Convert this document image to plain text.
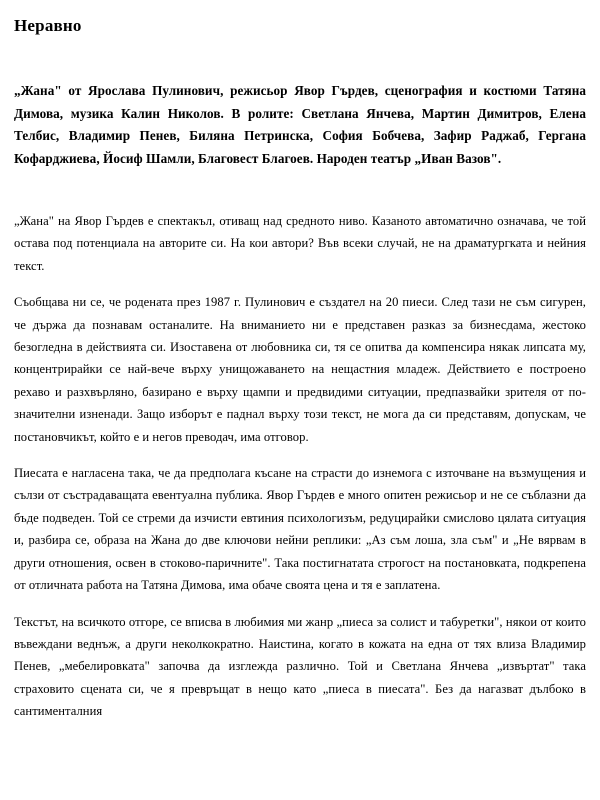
Неравно

„Жана" от Ярослава Пулинович, режисьор Явор Гърдев, сценография и костюми Татяна Димова, музика Калин Николов. В ролите: Светлана Янчева, Мартин Димитров, Елена Телбис, Владимир Пенев, Биляна Петринска, София Бобчева, Зафир Раджаб, Гергана Кофарджиева, Йосиф Шамли, Благовест Благоев. Народен театър „Иван Вазов".

„Жана" на Явор Гърдев е спектакъл, отиващ над средното ниво. Казаното автоматично означава, че той остава под потенциала на авторите си. На кои автори? Във всеки случай, не на драматургката и нейния текст.

Съобщава ни се, че родената през 1987 г. Пулинович е създател на 20 пиеси. След тази не съм сигурен, че държа да познавам останалите. На вниманието ни е представен разказ за бизнесдама, жестоко безогледна в действията си. Изоставена от любовника си, тя се опитва да компенсира някак липсата му, концентрирайки се най-вече върху унищожаването на нещастния младеж. Действието е построено рехаво и разхвърляно, базирано е върху щампи и предвидими ситуации, предпазвайки зрителя от по-значителни изненади. Защо изборът е паднал върху този текст, не мога да си представям, допускам, че постановчикът, който е и негов преводач, има отговор.

Пиесата е нагласена така, че да предполага късане на страсти до изнемога с източване на възмущения и сълзи от състрадаващата евентуална публика. Явор Гърдев е много опитен режисьор и не се съблазни да бъде подведен. Той се стреми да изчисти евтиния психологизъм, редуцирайки смислово цялата ситуация и, разбира се, образа на Жана до две ключови нейни реплики: „Аз съм лоша, зла съм" и „Не вярвам в други отношения, освен в стоково-паричните". Така постигнатата строгост на постановката, подкрепена от отличната работа на Татяна Димова, има обаче своята цена и тя е заплатена.

Текстът, на всичкото отгоре, се вписва в любимия ми жанр „пиеса за солист и табуретки", някои от които въвеждани веднъж, а други неколкократно. Наистина, когато в кожата на една от тях влиза Владимир Пенев, „мебелировката" започва да изглежда различно. Той и Светлана Янчева „извъртат" така страховито сцената си, че я превръщат в нещо като „пиеса в пиесата". Без да нагазват дълбоко в сантименталния
